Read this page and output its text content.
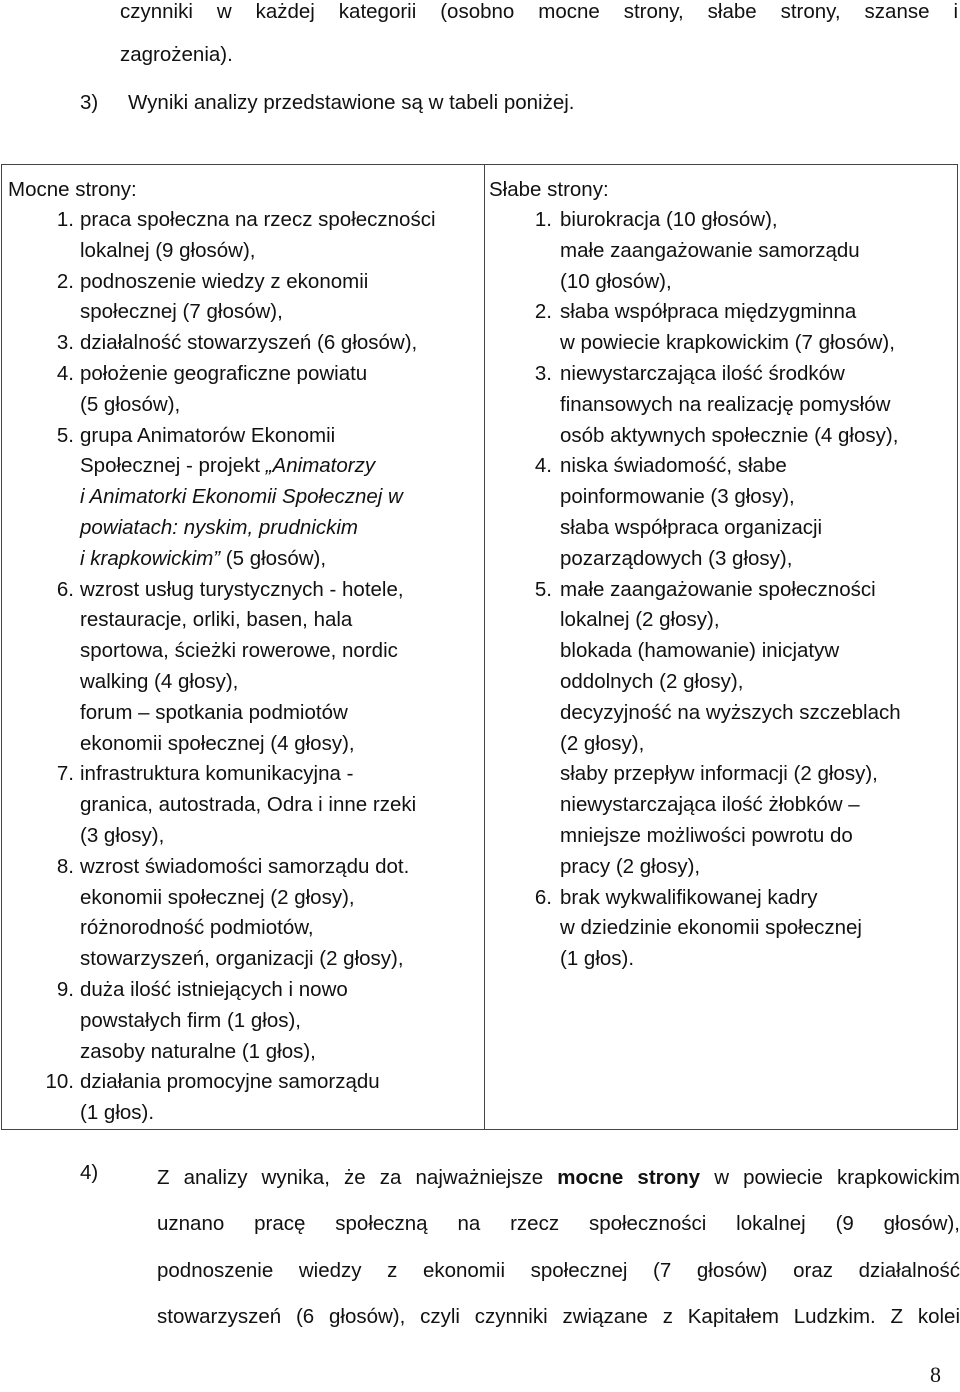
czynniki w każdej kategorii (osobno mocne strony, słabe strony, szanse i
zagrożenia).
3) Wyniki analizy przedstawione są w tabeli poniżej.
Mocne strony:
1. praca społeczna na rzecz społeczności
lokalnej (9 głosów),
2. podnoszenie wiedzy z ekonomii
społecznej (7 głosów),
3. działalność stowarzyszeń (6 głosów),
4. położenie geograficzne powiatu
(5 głosów),
5. grupa Animatorów Ekonomii
Społecznej - projekt „Animatorzy
i Animatorki Ekonomii Społecznej w powiatach: nyskim, prudnickim
i krapkowickim” (5 głosów),
6. wzrost usług turystycznych - hotele,
restauracje, orliki, basen, hala
sportowa, ścieżki rowerowe, nordic
walking (4 głosy),
forum – spotkania podmiotów
ekonomii społecznej (4 głosy),
7. infrastruktura komunikacyjna -
granica, autostrada, Odra i inne rzeki
(3 głosy),
8. wzrost świadomości samorządu dot.
ekonomii społecznej (2 głosy),
różnorodność podmiotów,
stowarzyszeń, organizacji (2 głosy),
9. duża ilość istniejących i nowo
powstałych firm (1 głos),
zasoby naturalne (1 głos),
10. działania promocyjne samorządu
(1 głos).

Słabe strony:
1. biurokracja (10 głosów),
małe zaangażowanie samorządu
(10 głosów),
2. słaba współpraca międzygminna
w powiecie krapkowickim (7 głosów),
3. niewystarczająca ilość środków
finansowych na realizację pomysłów
osób aktywnych społecznie (4 głosy),
4. niska świadomość, słabe
poinformowanie (3 głosy),
słaba współpraca organizacji
pozarządowych (3 głosy),
5. małe zaangażowanie społeczności
lokalnej (2 głosy),
blokada (hamowanie) inicjatyw
oddolnych (2 głosy),
decyzyjność na wyższych szczeblach
(2 głosy),
słaby przepływ informacji (2 głosy),
niewystarczająca ilość żłobków –
mniejsze możliwości powrotu do
pracy (2 głosy),
6. brak wykwalifikowanej kadry
w dziedzinie ekonomii społecznej
(1 głos).
4)	Z analizy wynika, że za najważniejsze mocne strony w powiecie krapkowickim
uznano pracę społeczną na rzecz społeczności lokalnej (9 głosów),
podnoszenie wiedzy z ekonomii społecznej (7 głosów) oraz działalność
stowarzyszeń (6 głosów), czyli czynniki związane z Kapitałem Ludzkim. Z kolei
8
